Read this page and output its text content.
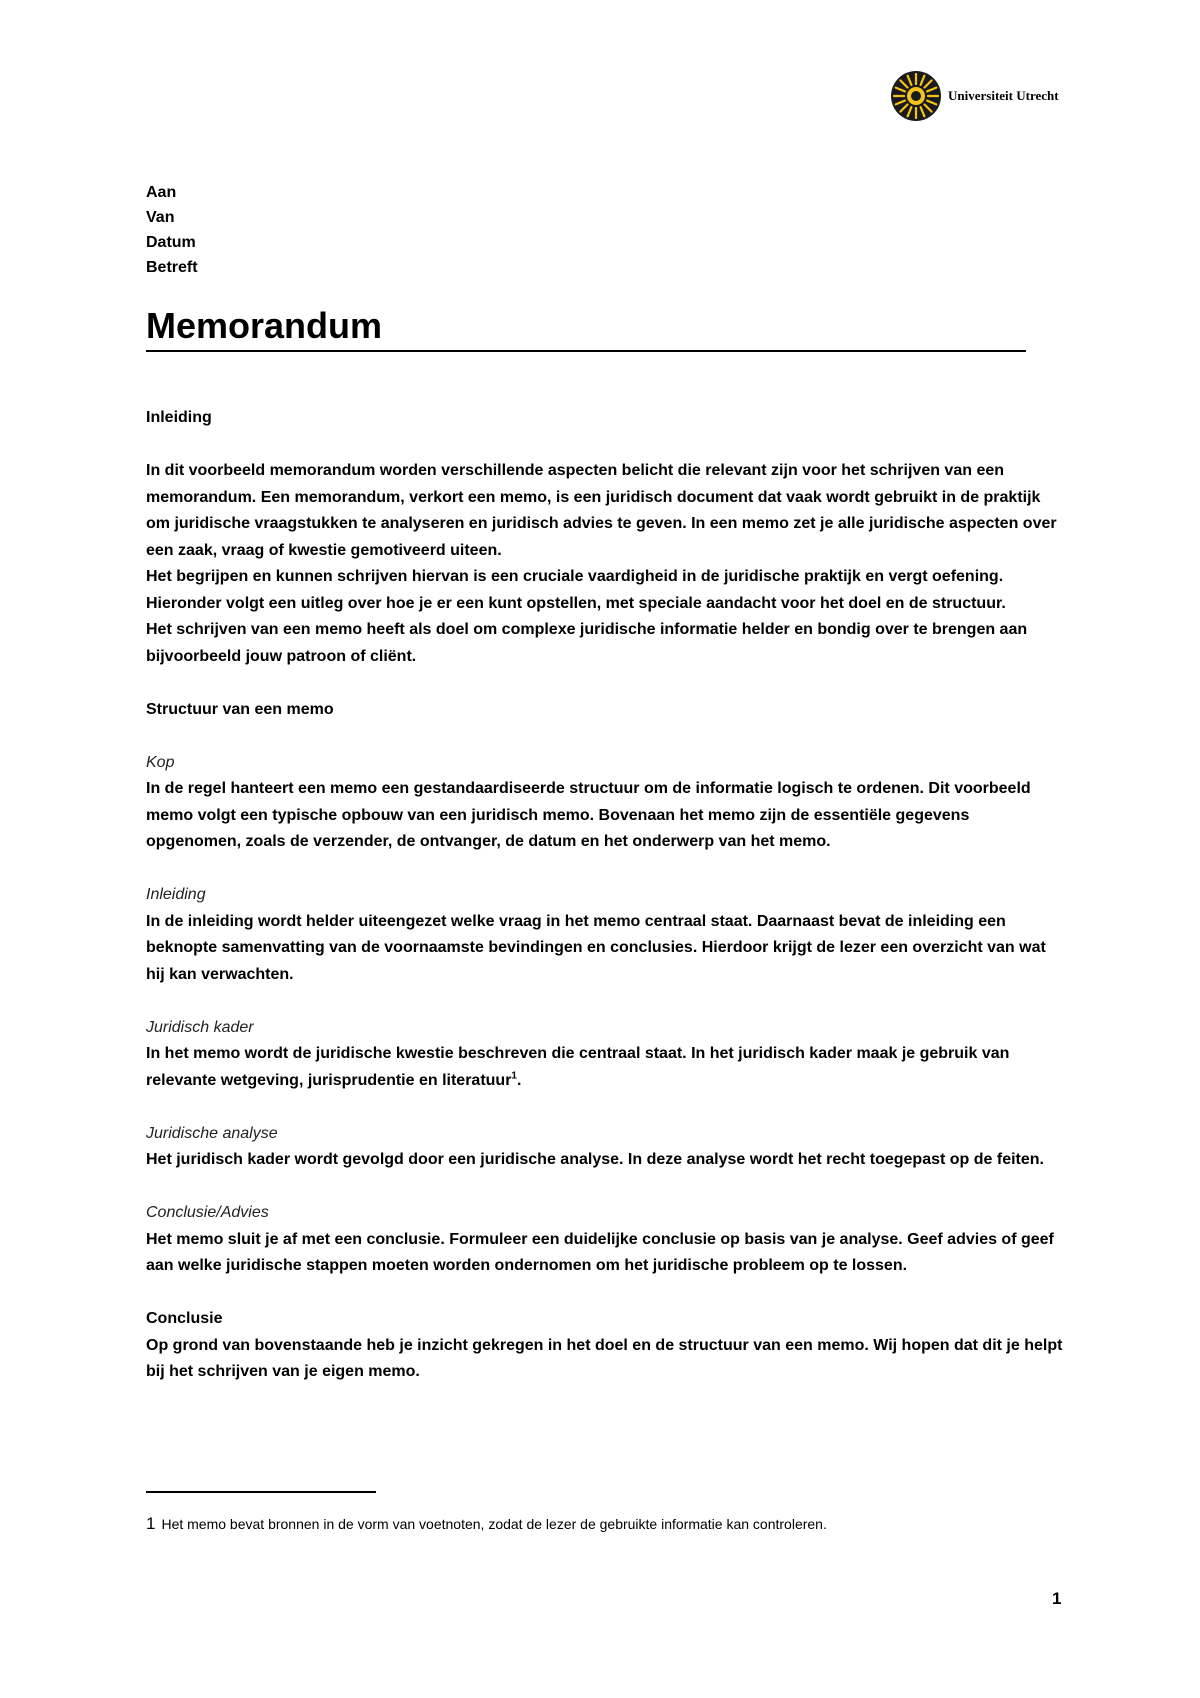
Universiteit Utrecht
Aan
Van
Datum
Betreft
Memorandum
Inleiding

In dit voorbeeld memorandum worden verschillende aspecten belicht die relevant zijn voor het schrijven van een memorandum. Een memorandum, verkort een memo, is een juridisch document dat vaak wordt gebruikt in de praktijk om juridische vraagstukken te analyseren en juridisch advies te geven. In een memo zet je alle juridische aspecten over een zaak, vraag of kwestie gemotiveerd uiteen.

Het begrijpen en kunnen schrijven hiervan is een cruciale vaardigheid in de juridische praktijk en vergt oefening. Hieronder volgt een uitleg over hoe je er een kunt opstellen, met speciale aandacht voor het doel en de structuur.

Het schrijven van een memo heeft als doel om complexe juridische informatie helder en bondig over te brengen aan bijvoorbeeld jouw patroon of cliënt.

Structuur van een memo
Kop

In de regel hanteert een memo een gestandaardiseerde structuur om de informatie logisch te ordenen. Dit voorbeeld memo volgt een typische opbouw van een juridisch memo. Bovenaan het memo zijn de essentiële gegevens opgenomen, zoals de verzender, de ontvanger, de datum en het onderwerp van het memo.

Inleiding

In de inleiding wordt helder uiteengezet welke vraag in het memo centraal staat. Daarnaast bevat de inleiding een beknopte samenvatting van de voornaamste bevindingen en conclusies. Hierdoor krijgt de lezer een overzicht van wat hij kan verwachten.

Juridisch kader

In het memo wordt de juridische kwestie beschreven die centraal staat. In het juridisch kader maak je gebruik van relevante wetgeving, jurisprudentie en literatuur$^1$.

Juridische analyse

Het juridisch kader wordt gevolgd door een juridische analyse. In deze analyse wordt het recht toegepast op de feiten.

Conclusie/Advies

Het memo sluit je af met een conclusie. Formuleer een duidelijke conclusie op basis van je analyse. Geef advies of geef aan welke juridische stappen moeten worden ondernomen om het juridische probleem op te lossen.

Conclusie

Op grond van bovenstaande heb je inzicht gekregen in het doel en de structuur van een memo. Wij hopen dat dit je helpt bij het schrijven van je eigen memo.

1 Het memo bevat bronnen in de vorm van voetnoten, zodat de lezer de gebruikte informatie kan controleren.
1
